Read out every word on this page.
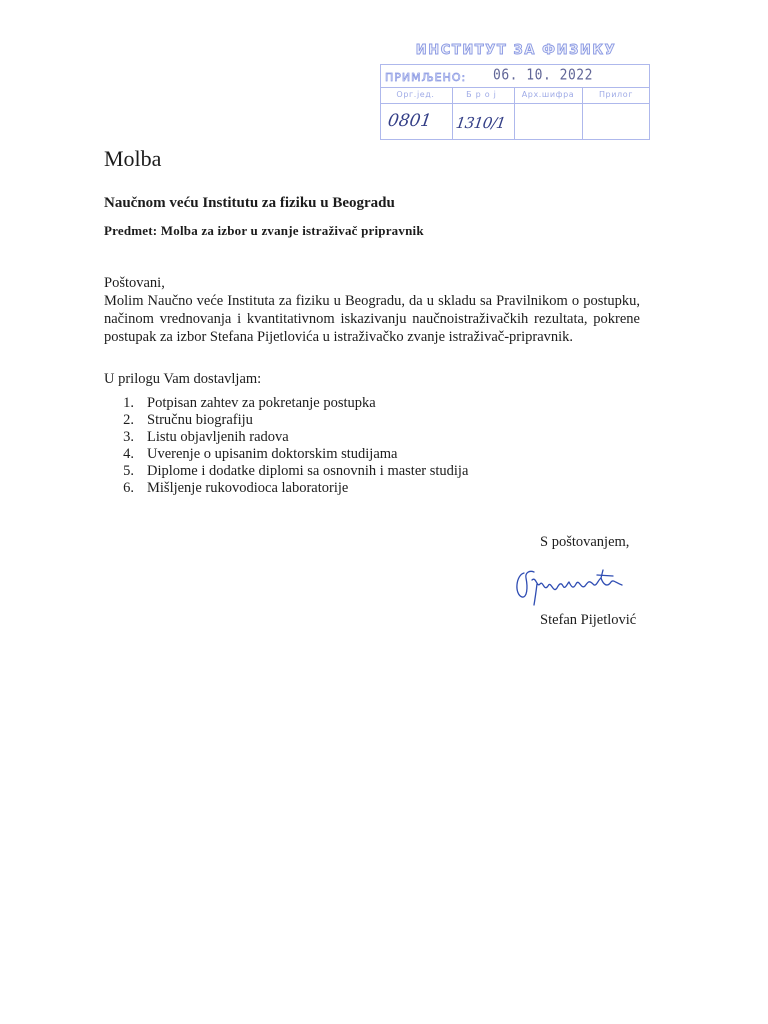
ИНСТИТУТ ЗА ФИЗИКУ
ПРИМЉЕНО: 06. 10. 2022
Орг.јед.	Број	Арх.шифра	Прилог
0801 1310/1
Molba
Naučnom veću Institutu za fiziku u Beogradu
Predmet: Molba za izbor u zvanje istraživač pripravnik
Poštovani,
Molim Naučno veće Instituta za fiziku u Beogradu, da u skladu sa Pravilnikom o postupku,
načinom vrednovanja i kvantitativnom iskazivanju naučnoistraživačkih rezultata, pokrene
postupak za izbor Stefana Pijetlovića u istraživačko zvanje istraživač-pripravnik.
U prilogu Vam dostavljam:
1. Potpisan zahtev za pokretanje postupka
2. Stručnu biografiju
3. Listu objavljenih radova
4. Uverenje o upisanim doktorskim studijama
5. Diplome i dodatke diplomi sa osnovnih i master studija
6. Mišljenje rukovodioca laboratorije
S poštovanjem,
Stefan Pijetlović
